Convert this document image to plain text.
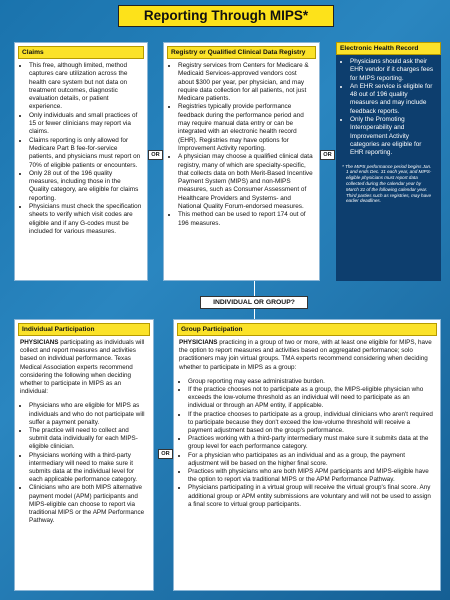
Reporting Through MIPS*
Claims
• This free, although limited, method captures care utilization across the health care system but not data on treatment outcomes, diagnostic evaluation details, or patient experience.
• Only individuals and small practices of 15 or fewer clinicians may report via claims.
• Claims reporting is only allowed for Medicare Part B fee-for-service patients, and physicians must report on 70% of eligible patients or encounters.
• Only 28 out of the 196 quality measures, including those in the Quality category, are eligible for claims reporting.
• Physicians must check the specification sheets to verify which visit codes are eligible and if any G-codes must be included for various measures.
OR
Registry or Qualified Clinical Data Registry
• Registry services from Centers for Medicare & Medicaid Services-approved vendors cost about $300 per year, per physician, and may require data collection for all patients, not just Medicare patients.
• Registries typically provide performance feedback during the performance period and may require manual data entry or can be integrated with an electronic health record (EHR). Registries may have options for Improvement Activity reporting.
• A physician may choose a qualified clinical data registry, many of which are specialty-specific, that collects data on both Merit-Based Incentive Payment System (MIPS) and non-MIPS measures, such as Consumer Assessment of Healthcare Providers and Systems- and National Quality Forum-endorsed measures.
• This method can be used to report 174 out of 196 measures.
OR
Electronic Health Record
• Physicians should ask their EHR vendor if it charges fees for MIPS reporting.
• An EHR service is eligible for 48 out of 196 quality measures and may include feedback reports.
• Only the Promoting Interoperability and Improvement Activity categories are eligible for EHR reporting.
* The MIPS performance period begins Jan. 1 and ends Dec. 31 each year, and MIPS-eligible physicians must report data collected during the calendar year by March 31 of the following calendar year. Third parties such as registries, may have earlier deadlines.
INDIVIDUAL OR GROUP?
Individual Participation
PHYSICIANS participating as individuals will collect and report measures and activities based on individual performance. Texas Medical Association experts recommend considering the following when deciding whether to participate in MIPS as an individual:
• Physicians who are eligible for MIPS as individuals and who do not participate will suffer a payment penalty.
• The practice will need to collect and submit data individually for each MIPS-eligible clinician.
• Physicians working with a third-party intermediary will need to make sure it submits data at the individual level for each applicable performance category.
• Clinicians who are both MIPS alternative payment model (APM) participants and MIPS-eligible can choose to report via traditional MIPS or the APM Performance Pathway.
OR
Group Participation
PHYSICIANS practicing in a group of two or more, with at least one eligible for MIPS, have the option to report measures and activities based on aggregated performance; solo practitioners may join virtual groups. TMA experts recommend considering when deciding whether to participate in MIPS as a group:
• Group reporting may ease administrative burden.
• If the practice chooses not to participate as a group, the MIPS-eligible physician who exceeds the low-volume threshold as an individual will need to participate as an individual or through an APM entity, if applicable.
• If the practice chooses to participate as a group, individual clinicians who aren't required to participate because they don't exceed the low-volume threshold will receive a payment adjustment based on the group's performance.
• Practices working with a third-party intermediary must make sure it submits data at the group level for each performance category.
• For a physician who participates as an individual and as a group, the payment adjustment will be based on the higher final score.
• Practices with physicians who are both MIPS APM participants and MIPS-eligible have the option to report via traditional MIPS or the APM Performance Pathway.
• Physicians participating in a virtual group will receive the virtual group's final score. Any additional group or APM entity submissions are voluntary and will not be used to assign a final score to virtual group participants.
